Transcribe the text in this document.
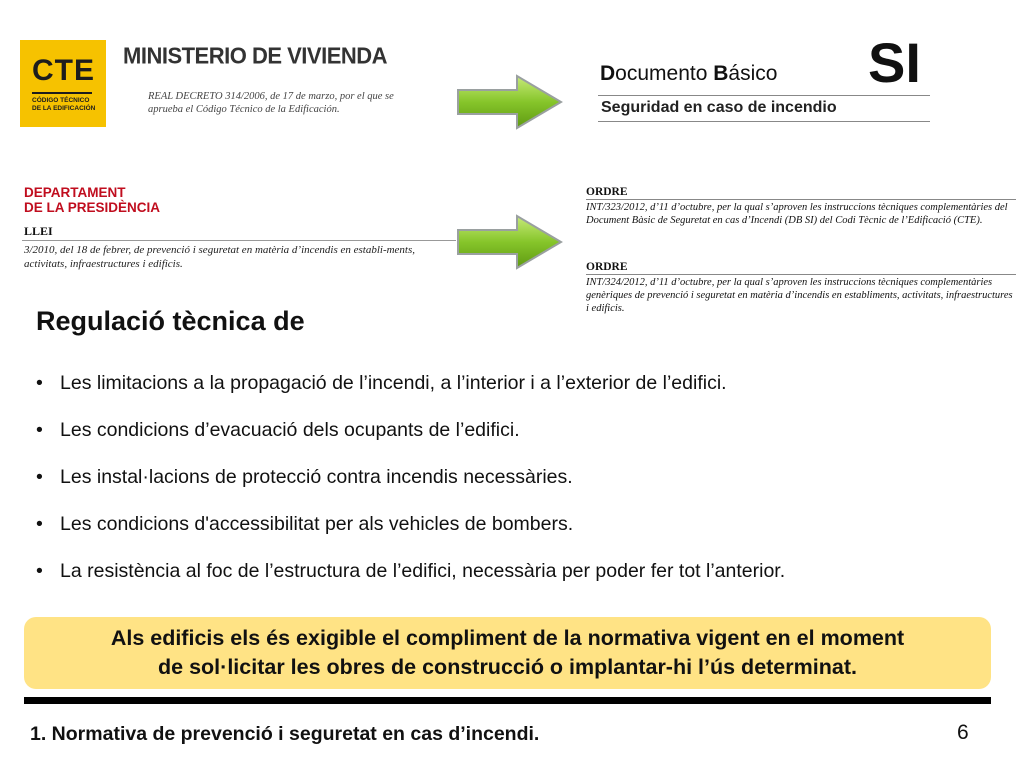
CTE
CÓDIGO TÉCNICO
DE LA EDIFICACIÓN
MINISTERIO DE VIVIENDA
REAL DECRETO 314/2006, de 17 de marzo, por el que se aprueba el Código Técnico de la Edificación.
Documento Básico SI
Seguridad en caso de incendio
DEPARTAMENT
DE LA PRESIDÈNCIA
LLEI
3/2010, del 18 de febrer, de prevenció i seguretat en matèria d’incendis en establi-ments, activitats, infraestructures i edificis.
ORDRE
INT/323/2012, d’11 d’octubre, per la qual s’aproven les instruccions tècniques complementàries del Document Bàsic de Seguretat en cas d’Incendi (DB SI) del Codi Tècnic de l’Edificació (CTE).
ORDRE
INT/324/2012, d’11 d’octubre, per la qual s’aproven les instruccions tècniques complementàries genèriques de prevenció i seguretat en matèria d’incendis en establiments, activitats, infraestructures i edificis.
Regulació tècnica de
• Les limitacions a la propagació de l’incendi, a l’interior i a l’exterior de l’edifici.
• Les condicions d’evacuació dels ocupants de l’edifici.
• Les instal·lacions de protecció contra incendis necessàries.
• Les condicions d'accessibilitat per als vehicles de bombers.
• La resistència al foc de l’estructura de l’edifici, necessària per poder fer tot l’anterior.
Als edificis els és exigible el compliment de la normativa vigent en el moment
de sol·licitar les obres de construcció o implantar-hi l’ús determinat.
1. Normativa de prevenció i seguretat en cas d’incendi.	6
